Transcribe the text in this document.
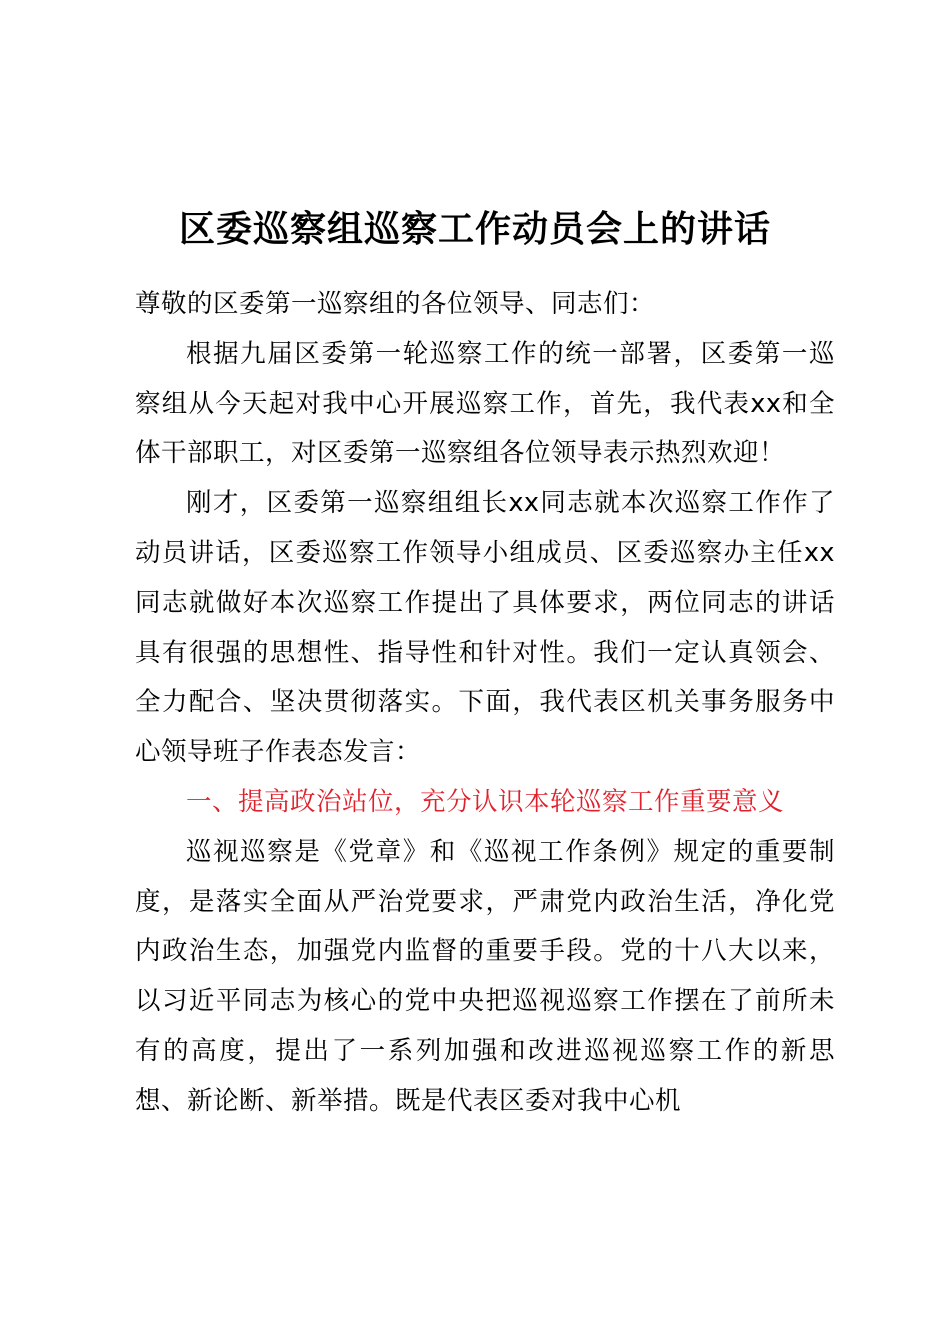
区委巡察组巡察工作动员会上的讲话

尊敬的区委第一巡察组的各位领导、同志们：

根据九届区委第一轮巡察工作的统一部署，区委第一巡察组从今天起对我中心开展巡察工作，首先，我代表xx和全体干部职工，对区委第一巡察组各位领导表示热烈欢迎！

刚才，区委第一巡察组组长xx同志就本次巡察工作作了动员讲话，区委巡察工作领导小组成员、区委巡察办主任xx同志就做好本次巡察工作提出了具体要求，两位同志的讲话具有很强的思想性、指导性和针对性。我们一定认真领会、全力配合、坚决贯彻落实。下面，我代表区机关事务服务中心领导班子作表态发言：

一、提高政治站位，充分认识本轮巡察工作重要意义

巡视巡察是《党章》和《巡视工作条例》规定的重要制度，是落实全面从严治党要求，严肃党内政治生活，净化党内政治生态，加强党内监督的重要手段。党的十八大以来，以习近平同志为核心的党中央把巡视巡察工作摆在了前所未有的高度，提出了一系列加强和改进巡视巡察工作的新思想、新论断、新举措。既是代表区委对我中心机
